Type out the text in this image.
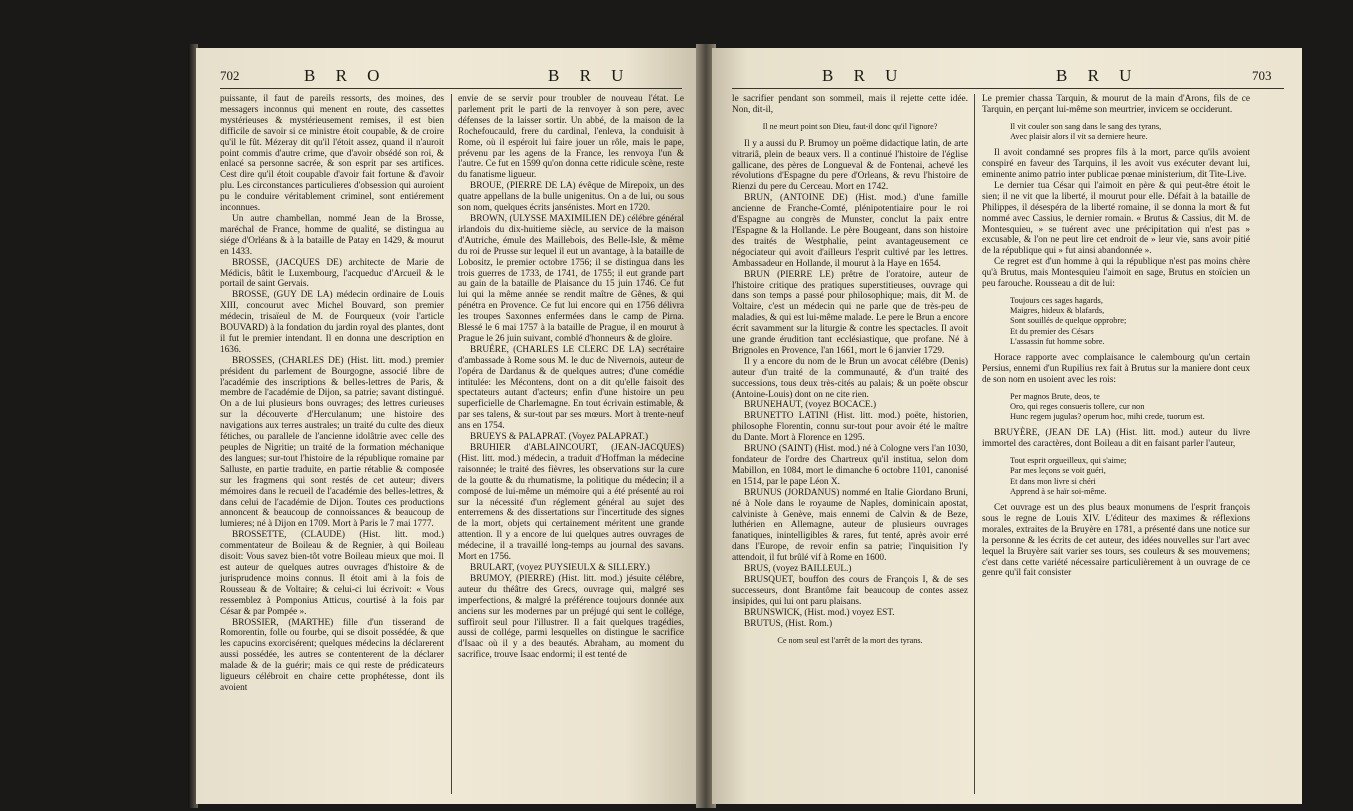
702	B R O	B R U

puissante, il faut de pareils ressorts, des moines, des messagers inconnus qui menent en route, des cassettes mystérieuses & mystérieusement remises, il est bien difficile de savoir si ce ministre étoit coupable, & de croire qu'il le fût. Mézeray dit qu'il l'étoit assez, quand il n'auroit point commis d'autre crime, que d'avoir obsédé son roi, & enlacé sa personne sacrée, & son esprit par ses artifices. Cest dire qu'il étoit coupable d'avoir fait fortune & d'avoir plu. Les circonstances particulieres d'obsession qui auroient pu le conduire véritablement criminel, sont entiérement inconnues.

Un autre chambellan, nommé Jean de la Brosse, maréchal de France, homme de qualité, se distingua au siége d'Orléans & à la bataille de Patay en 1429, & mourut en 1433.

BROSSE, (JACQUES DE) architecte de Marie de Médicis, bâtit le Luxembourg, l'acqueduc d'Arcueil & le portail de saint Gervais.

BROSSE, (GUY DE LA) médecin ordinaire de Louis XIII, concourut avec Michel Bouvard, son premier médecin, trisaïeul de M. de Fourqueux (voir l'article BOUVARD) à la fondation du jardin royal des plantes, dont il fut le premier intendant. Il en donna une description en 1636.

BROSSES, (CHARLES DE) (Hist. litt. mod.) premier président du parlement de Bourgogne, associé libre de l'académie des inscriptions & belles-lettres de Paris, & membre de l'académie de Dijon, sa patrie; savant distingué. On a de lui plusieurs bons ouvrages; des lettres curieuses sur la découverte d'Herculanum; une histoire des navigations aux terres australes; un traité du culte des dieux fétiches, ou parallele de l'ancienne idolâtrie avec celle des peuples de Nigritie; un traité de la formation méchanique des langues; sur-tout l'histoire de la république romaine par Salluste, en partie traduite, en partie rétablie & composée sur les fragmens qui sont restés de cet auteur; divers mémoires dans le recueil de l'académie des belles-lettres, & dans celui de l'académie de Dijon. Toutes ces productions annoncent & beaucoup de connoissances & beaucoup de lumieres; né à Dijon en 1709. Mort à Paris le 7 mai 1777.

BROSSETTE, (CLAUDE) (Hist. litt. mod.) commentateur de Boileau & de Regnier, à qui Boileau disoit: Vous savez bien-tôt votre Boileau mieux que moi. Il est auteur de quelques autres ouvrages d'histoire & de jurisprudence moins connus. Il étoit ami à la fois de Rousseau & de Voltaire; & celui-ci lui écrivoit: « Vous ressemblez à Pomponius Atticus, courtisé à la fois par César & par Pompée ».

BROSSIER, (MARTHE) fille d'un tisserand de Romorentin, folle ou fourbe, qui se disoit possédée, & que les capucins exorcisérent; quelques médecins la déclarerent aussi possédée, les autres se contenterent de la déclarer malade & de la guérir; mais ce qui reste de prédicateurs ligueurs célébroit en chaire cette prophétesse, dont ils avoient

envie de se servir pour troubler de nouveau l'état. Le parlement prit le parti de la renvoyer à son pere, avec défenses de la laisser sortir. Un abbé, de la maison de la Rochefoucauld, frere du cardinal, l'enleva, la conduisit à Rome, où il espéroit lui faire jouer un rôle, mais le pape, prévenu par les agens de la France, les renvoya l'un & l'autre. Ce fut en 1599 qu'on donna cette ridicule scène, reste du fanatisme ligueur.

BROUE, (PIERRE DE LA) évêque de Mirepoix, un des quatre appellans de la bulle unigenitus. On a de lui, ou sous son nom, quelques écrits jansénistes. Mort en 1720.

BROWN, (ULYSSE MAXIMILIEN DE) célébre général irlandois du dix-huitieme siècle, au service de la maison d'Autriche, émule des Maillebois, des Belle-Isle, & même du roi de Prusse sur lequel il eut un avantage, à la bataille de Lobositz, le premier octobre 1756; il se distingua dans les trois guerres de 1733, de 1741, de 1755; il eut grande part au gain de la bataille de Plaisance du 15 juin 1746. Ce fut lui qui la même année se rendit maître de Gênes, & qui pénétra en Provence. Ce fut lui encore qui en 1756 délivra les troupes Saxonnes enfermées dans le camp de Pirna. Blessé le 6 mai 1757 à la bataille de Prague, il en mourut à Prague le 26 juin suivant, comblé d'honneurs & de gloire.

BRUÉRE, (CHARLES LE CLERC DE LA) secrétaire d'ambassade à Rome sous M. le duc de Nivernois, auteur de l'opéra de Dardanus & de quelques autres; d'une comédie intitulée: les Mécontens, dont on a dit qu'elle faisoit des spectateurs autant d'acteurs; enfin d'une histoire un peu superficielle de Charlemagne. En tout écrivain estimable, & par ses talens, & sur-tout par ses mœurs. Mort à trente-neuf ans en 1754.

BRUEYS & PALAPRAT. (Voyez PALAPRAT.)

BRUHIER d'ABLAINCOURT, (JEAN-JACQUES) (Hist. litt. mod.) médecin, a traduit d'Hoffman la médecine raisonnée; le traité des fièvres, les observations sur la cure de la goutte & du rhumatisme, la politique du médecin; il a composé de lui-même un mémoire qui a été présenté au roi sur la nécessité d'un réglement général au sujet des enterremens & des dissertations sur l'incertitude des signes de la mort, objets qui certainement méritent une grande attention. Il y a encore de lui quelques autres ouvrages de médecine, il a travaillé long-temps au journal des savans. Mort en 1756.

BRULART, (voyez PUYSIEULX & SILLERY.)

BRUMOY, (PIERRE) (Hist. litt. mod.) jésuite célébre, auteur du théâtre des Grecs, ouvrage qui, malgré ses imperfections, & malgré la préférence toujours donnée aux anciens sur les modernes par un préjugé qui sent le collége, suffiroit seul pour l'illustrer. Il a fait quelques tragédies, aussi de collége, parmi lesquelles on distingue le sacrifice d'Isaac où il y a des beautés. Abraham, au moment du sacrifice, trouve Isaac endormi; il est tenté de

B R U	B R U	703

le sacrifier pendant son sommeil, mais il rejette cette idée. Non, dit-il,

Il ne meurt point son Dieu, faut-il donc qu'il l'ignore?

Il y a aussi du P. Brumoy un poëme didactique latin, de arte vitrariâ, plein de beaux vers. Il a continué l'histoire de l'église gallicane, des pères de Longueval & de Fontenai, achevé les révolutions d'Espagne du pere d'Orleans, & revu l'histoire de Rienzi du pere du Cerceau. Mort en 1742.

BRUN, (ANTOINE DE) (Hist. mod.) d'une famille ancienne de Franche-Comté, plénipotentiaire pour le roi d'Espagne au congrès de Munster, conclut la paix entre l'Espagne & la Hollande. Le père Bougeant, dans son histoire des traités de Westphalie, peint avantageusement ce négociateur qui avoit d'ailleurs l'esprit cultivé par les lettres. Ambassadeur en Hollande, il mourut à la Haye en 1654.

BRUN (PIERRE LE) prêtre de l'oratoire, auteur de l'histoire critique des pratiques superstitieuses, ouvrage qui dans son temps a passé pour philosophique; mais, dit M. de Voltaire, c'est un médecin qui ne parle que de très-peu de maladies, & qui est lui-même malade. Le pere le Brun a encore écrit savamment sur la liturgie & contre les spectacles. Il avoit une grande érudition tant ecclésiastique, que profane. Né à Brignoles en Provence, l'an 1661, mort le 6 janvier 1729.

Il y a encore du nom de le Brun un avocat célébre (Denis) auteur d'un traité de la communauté, & d'un traité des successions, tous deux très-cités au palais; & un poëte obscur (Antoine-Louis) dont on ne cite rien.

BRUNEHAUT, (voyez BOCACE.)

BRUNETTO LATINI (Hist. litt. mod.) poëte, historien, philosophe Florentin, connu sur-tout pour avoir été le maître du Dante. Mort à Florence en 1295.

BRUNO (SAINT) (Hist. mod.) né à Cologne vers l'an 1030, fondateur de l'ordre des Chartreux qu'il institua, selon dom Mabillon, en 1084, mort le dimanche 6 octobre 1101, canonisé en 1514, par le pape Léon X.

BRUNUS (JORDANUS) nommé en Italie Giordano Bruni, né à Nole dans le royaume de Naples, dominicain apostat, calviniste à Genève, mais ennemi de Calvin & de Beze, luthérien en Allemagne, auteur de plusieurs ouvrages fanatiques, inintelligibles & rares, fut tenté, après avoir erré dans l'Europe, de revoir enfin sa patrie; l'inquisition l'y attendoit, il fut brûlé vif à Rome en 1600.

BRUS, (voyez BAILLEUL.)

BRUSQUET, bouffon des cours de François I, & de ses successeurs, dont Brantôme fait beaucoup de contes assez insipides, qui lui ont paru plaisans.

BRUNSWICK, (Hist. mod.) voyez EST.

BRUTUS, (Hist. Rom.)

Ce nom seul est l'arrêt de la mort des tyrans.

Le premier chassa Tarquin, & mourut de la main d'Arons, fils de ce Tarquin, en perçant lui-même son meurtrier, invicem se occiderunt.

Il vit couler son sang dans le sang des tyrans,
Avec plaisir alors il vit sa derniere heure.

Il avoit condamné ses propres fils à la mort, parce qu'ils avoient conspiré en faveur des Tarquins, il les avoit vus exécuter devant lui, eminente animo patrio inter publicae pœnae ministerium, dit Tite-Live.

Le dernier tua César qui l'aimoit en père & qui peut-être étoit le sien; il ne vit que la liberté, il mourut pour elle. Défait à la bataille de Philippes, il désespéra de la liberté romaine, il se donna la mort & fut nommé avec Cassius, le dernier romain. « Brutus & Cassius, dit M. de Montesquieu, » se tuérent avec une précipitation qui n'est pas » excusable, & l'on ne peut lire cet endroit de » leur vie, sans avoir pitié de la république qui » fut ainsi abandonnée ».

Ce regret est d'un homme à qui la république n'est pas moins chère qu'à Brutus, mais Montesquieu l'aimoit en sage, Brutus en stoïcien un peu farouche. Rousseau a dit de lui:

Toujours ces sages hagards,
Maigres, hideux & blafards,
Sont souillés de quelque opprobre;
Et du premier des Césars
L'assassin fut homme sobre.

Horace rapporte avec complaisance le calembourg qu'un certain Persius, ennemi d'un Rupilius rex fait à Brutus sur la maniere dont ceux de son nom en usoient avec les rois:

Per magnos Brute, deos, te
Oro, qui reges consueris tollere, cur non
Hunc regem jugulas? operum hoc, mihi crede, tuorum est.

BRUYÈRE, (JEAN DE LA) (Hist. litt. mod.) auteur du livre immortel des caractères, dont Boileau a dit en faisant parler l'auteur,

Tout esprit orgueilleux, qui s'aime;
Par mes leçons se voit guéri,
Et dans mon livre si chéri
Apprend à se haïr soi-même.

Cet ouvrage est un des plus beaux monumens de l'esprit françois sous le regne de Louis XIV. L'éditeur des maximes & réflexions morales, extraites de la Bruyère en 1781, a présenté dans une notice sur la personne & les écrits de cet auteur, des idées nouvelles sur l'art avec lequel la Bruyère sait varier ses tours, ses couleurs & ses mouvemens; c'est dans cette variété nécessaire particulièrement à un ouvrage de ce genre qu'il fait consister
